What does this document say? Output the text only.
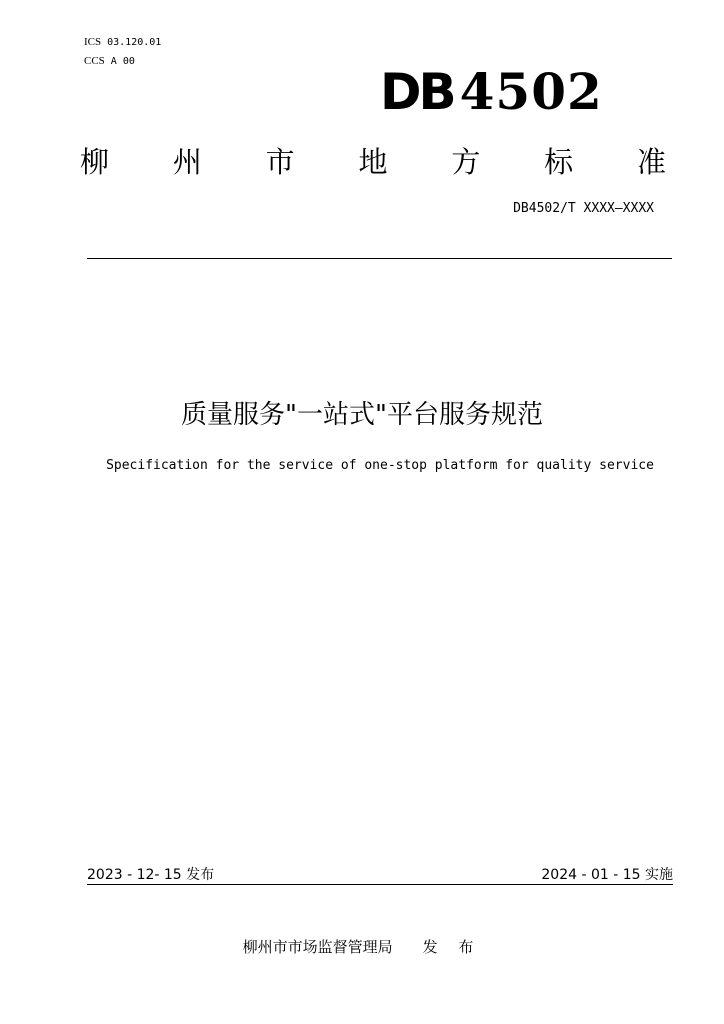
ICS 03.120.01
CCS A 00
DB 4502
柳 州 市 地 方 标 准
DB4502/T XXXX—XXXX
质量服务"一站式"平台服务规范
Specification for the service of one-stop platform for quality service
2023 - 12- 15 发布	2024 - 01 - 15 实施
柳州市市场监督管理局 发 布
